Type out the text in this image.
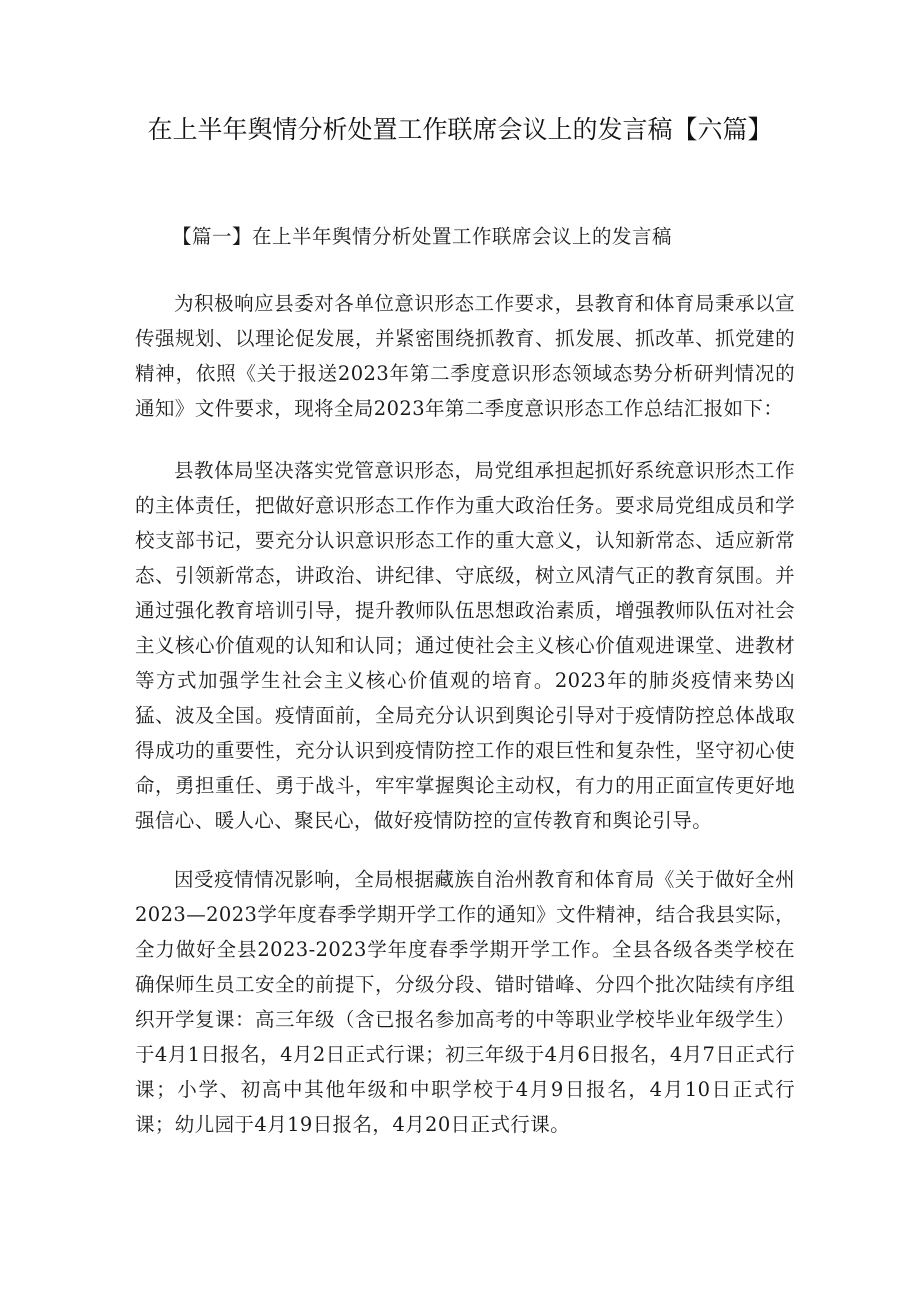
在上半年舆情分析处置工作联席会议上的发言稿【六篇】
【篇一】在上半年舆情分析处置工作联席会议上的发言稿

为积极响应县委对各单位意识形态工作要求，县教育和体育局秉承以宣传强规划、以理论促发展，并紧密围绕抓教育、抓发展、抓改革、抓党建的精神，依照《关于报送2023年第二季度意识形态领域态势分析研判情况的通知》文件要求，现将全局2023年第二季度意识形态工作总结汇报如下：

县教体局坚决落实党管意识形态，局党组承担起抓好系统意识形杰工作的主体责任，把做好意识形态工作作为重大政治任务。要求局党组成员和学校支部书记，要充分认识意识形态工作的重大意义，认知新常态、适应新常态、引领新常态，讲政治、讲纪律、守底级，树立风清气正的教育氛围。并通过强化教育培训引导，提升教师队伍思想政治素质，增强教师队伍对社会主义核心价值观的认知和认同；通过使社会主义核心价值观进课堂、进教材等方式加强学生社会主义核心价值观的培育。2023年的肺炎疫情来势凶猛、波及全国。疫情面前，全局充分认识到舆论引导对于疫情防控总体战取得成功的重要性，充分认识到疫情防控工作的艰巨性和复杂性，坚守初心使命，勇担重任、勇于战斗，牢牢掌握舆论主动权，有力的用正面宣传更好地强信心、暖人心、聚民心，做好疫情防控的宣传教育和舆论引导。

因受疫情情况影响，全局根据藏族自治州教育和体育局《关于做好全州2023—2023学年度春季学期开学工作的通知》文件精神，结合我县实际，全力做好全县2023-2023学年度春季学期开学工作。全县各级各类学校在确保师生员工安全的前提下，分级分段、错时错峰、分四个批次陆续有序组织开学复课：高三年级（含已报名参加高考的中等职业学校毕业年级学生）于4月1日报名，4月2日正式行课；初三年级于4月6日报名，4月7日正式行课；小学、初高中其他年级和中职学校于4月9日报名，4月10日正式行课；幼儿园于4月19日报名，4月20日正式行课。
